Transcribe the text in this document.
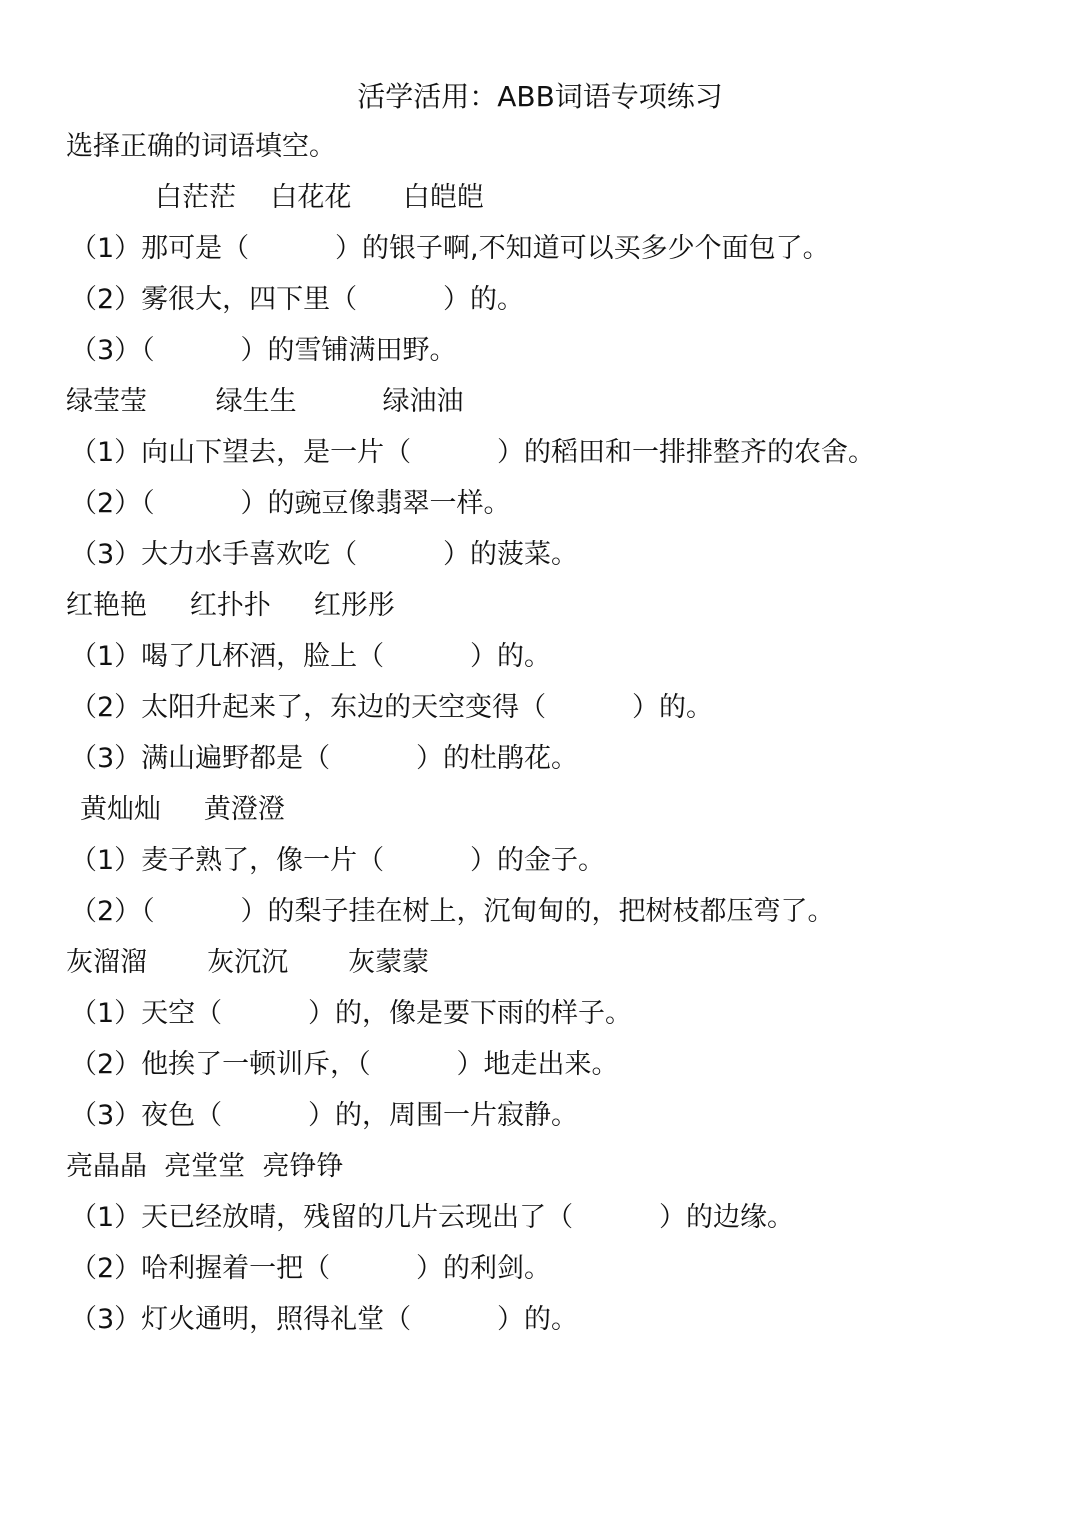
活学活用：ABB词语专项练习
选择正确的词语填空。
白茫茫    白花花      白皑皑
（1）那可是（          ）的银子啊,不知道可以买多少个面包了。
（2）雾很大，四下里（          ）的。
（3）（          ）的雪铺满田野。
绿莹莹        绿生生          绿油油
（1）向山下望去，是一片（          ）的稻田和一排排整齐的农舍。
（2）（          ）的豌豆像翡翠一样。
（3）大力水手喜欢吃（          ）的菠菜。
红艳艳     红扑扑     红彤彤
（1）喝了几杯酒，脸上（          ）的。
（2）太阳升起来了，东边的天空变得（          ）的。
（3）满山遍野都是（          ）的杜鹃花。
黄灿灿     黄澄澄
（1）麦子熟了，像一片（          ）的金子。
（2）（          ）的梨子挂在树上，沉甸甸的，把树枝都压弯了。
灰溜溜       灰沉沉       灰蒙蒙
（1）天空（          ）的，像是要下雨的样子。
（2）他挨了一顿训斥，（          ）地走出来。
（3）夜色（          ）的，周围一片寂静。
亮晶晶  亮堂堂  亮铮铮
（1）天已经放晴，残留的几片云现出了（          ）的边缘。
（2）哈利握着一把（          ）的利剑。
（3）灯火通明，照得礼堂（          ）的。
